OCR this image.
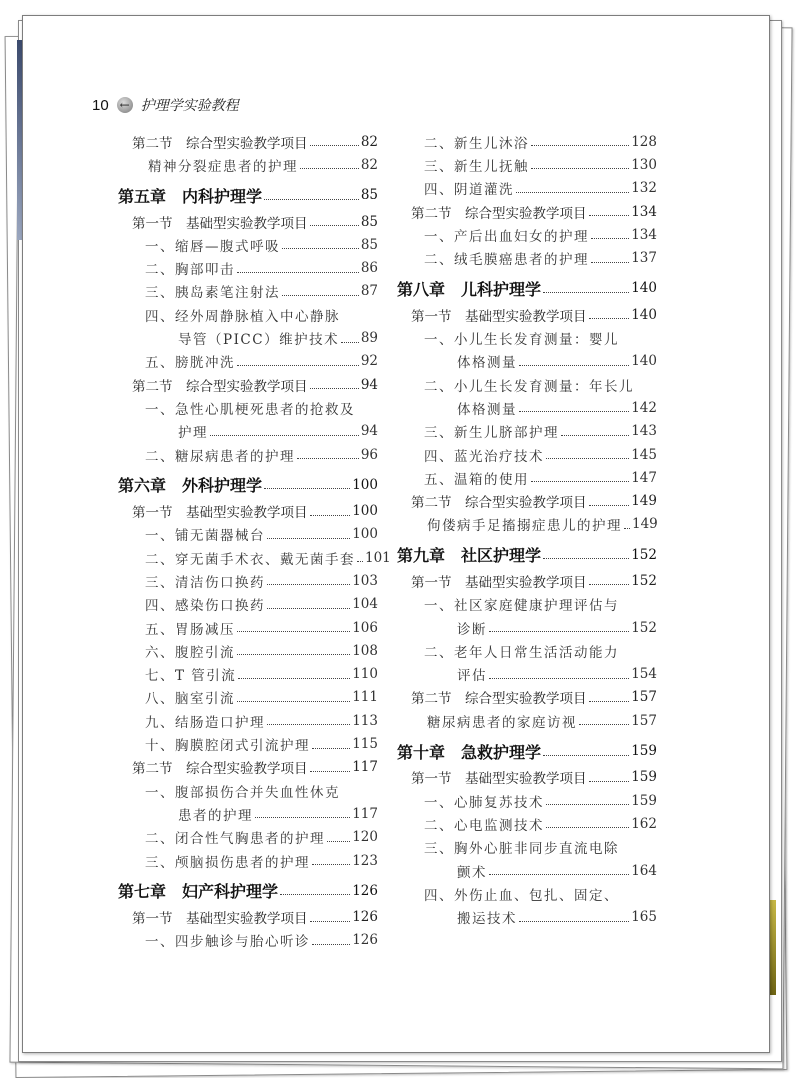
10 ← 护理学实验教程
第二节　综合型实验教学项目	82
精神分裂症患者的护理	82
第五章　内科护理学	85
第一节　基础型实验教学项目	85
一、缩唇—腹式呼吸	85
二、胸部叩击	86
三、胰岛素笔注射法	87
四、经外周静脉植入中心静脉
导管（PICC）维护技术 89
五、膀胱冲洗	92
第二节　综合型实验教学项目	94
一、急性心肌梗死患者的抢救及
护理	94
二、糖尿病患者的护理	96
第六章　外科护理学	100
第一节　基础型实验教学项目	100
一、铺无菌器械台	100
二、穿无菌手术衣、戴无菌手套 101
三、清洁伤口换药	103
四、感染伤口换药	104
五、胃肠减压	106
六、腹腔引流	108
七、T 管引流	110
八、脑室引流	111
九、结肠造口护理	113
十、胸膜腔闭式引流护理	115
第二节　综合型实验教学项目	117
一、腹部损伤合并失血性休克
患者的护理	117
二、闭合性气胸患者的护理 120
三、颅脑损伤患者的护理	123
第七章　妇产科护理学	126
第一节　基础型实验教学项目	126
一、四步触诊与胎心听诊	126
二、新生儿沐浴	128
三、新生儿抚触	130
四、阴道灌洗	132
第二节　综合型实验教学项目	134
一、产后出血妇女的护理	134
二、绒毛膜癌患者的护理	137
第八章　儿科护理学	140
第一节　基础型实验教学项目	140
一、小儿生长发育测量：婴儿
体格测量	140
二、小儿生长发育测量：年长儿
体格测量	142
三、新生儿脐部护理	143
四、蓝光治疗技术	145
五、温箱的使用	147
第二节　综合型实验教学项目	149
佝偻病手足搐搦症患儿的护理 149
第九章　社区护理学	152
第一节　基础型实验教学项目	152
一、社区家庭健康护理评估与
诊断	152
二、老年人日常生活活动能力
评估	154
第二节　综合型实验教学项目	157
糖尿病患者的家庭访视	157
第十章　急救护理学	159
第一节　基础型实验教学项目	159
一、心肺复苏技术	159
二、心电监测技术	162
三、胸外心脏非同步直流电除
颤术	164
四、外伤止血、包扎、固定、
搬运技术	165
